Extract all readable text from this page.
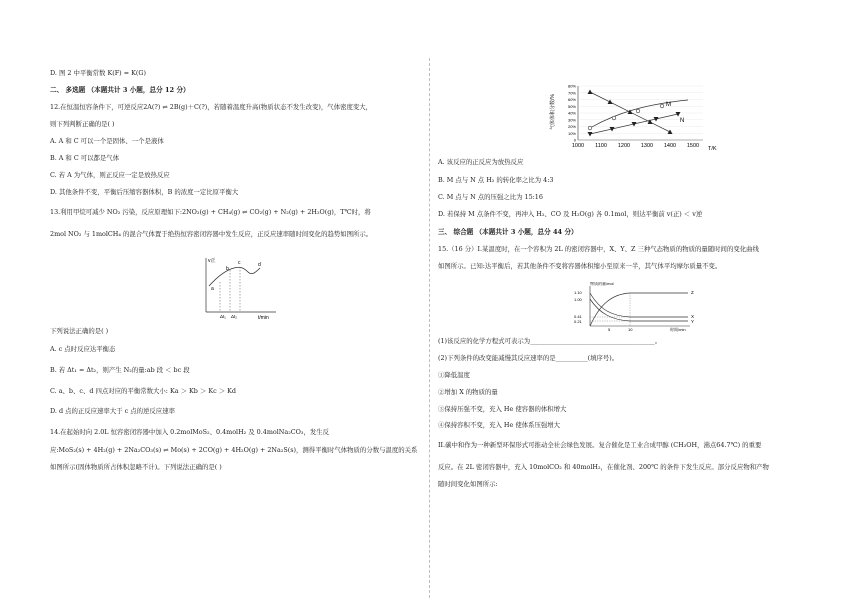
D. 图 2 中平衡常数 K(F) = K(G)
二、 多选题 （本题共计 3 小题，总分 12 分）
12.在恒温恒容条件下，可逆反应2A(?) ⇌ 2B(g)＋C(?)，若随着温度升高(物质状态不发生改变)，气体密度变大，
则下列判断正确的是( )
A. A 和 C 可以一个是固体、一个是液体
B. A 和 C 可以都是气体
C. 若 A 为气体，则正反应一定是放热反应
D. 其他条件不变，平衡后压缩容器体积，B 的浓度一定比原平衡大
13.利用甲烷可减少 NO₂ 污染，反应原理如下:2NO₂(g) + CH₄(g) ⇌ CO₂(g) + N₂(g) + 2H₂O(g)，T℃时，将
2mol NO₂ 与 1molCH₄ 的混合气体置于绝热恒容密闭容器中发生反应，正反应速率随时间变化的趋势如图所示。
v正
t/min
Δt₁ Δt₂
a
b
c	d
下列说法正确的是( )
A. c 点时反应达平衡态
B. 若 Δt₁ = Δt₂，则产生 N₂的量:ab 段 ＜ bc 段
C. a、b、c、d 四点对应的平衡常数大小: Ka ＞ Kb ＞ Kc ＞ Kd
D. d 点的正反应速率大于 c 点的逆反应速率
14.在起始时向 2.0L 恒容密闭容器中加入 0.2molMoS₂、0.4molH₂ 及 0.4molNa₂CO₃，发生反
应:MoS₂(s) + 4H₂(g) + 2Na₂CO₃(s) ⇌ Mo(s) + 2CO(g) + 4H₂O(g) + 2Na₂S(s)，测得平衡时气体物质的分数与温度的关系
如图所示(固体物质所占体积忽略不计)。下列说法正确的是( )
0
10%
20%
30%
40%
50%
60%
70%
80%
1000 1100 1200 1300 1400 1500
气体体积分数/%
T/K
M
N
A. 该反应的正反应为放热反应
B. M 点与 N 点 H₂ 的转化率之比为 4:3
C. M 点与 N 点的压强之比为 15:16
D. 若保持 M 点条件不变，再冲入 H₂、CO 及 H₂O(g) 各 0.1mol，则达平衡前 v(正) ＜ v逆
三、 综合题 （本题共计 3 小题，总分 44 分）
15.（16 分）I.某温度时，在一个容积为 2L 的密闭容器中，X、Y、Z 三种气态物质的物质的量随时间的变化曲线
如图所示。已知:达平衡后，若其他条件不变将容器体积缩小至原来一半，其气体平均摩尔质量不变。
物质的量/mol
1.10
1.00
0.41
0.21
5	10	时间/min
Z
X
Y
(1)该反应的化学方程式可表示为_______________________________________。
(2)下列条件的改变能减慢其反应速率的是__________(填序号)。
①降低温度
②增加 X 的物质的量
③保持压强不变，充入 He 使容器的体积增大
④保持容积不变，充入 He 使体系压强增大
II.碳中和作为一种新型环保形式可推动全社会绿色发展。复合催化是工业合成甲醇 (CH₃OH，沸点64.7℃) 的重要
反应。在 2L 密闭容器中，充入 10molCO₂ 和 40molH₂，在催化剂、200℃ 的条件下发生反应。部分反应物和产物
随时间变化如图所示:
